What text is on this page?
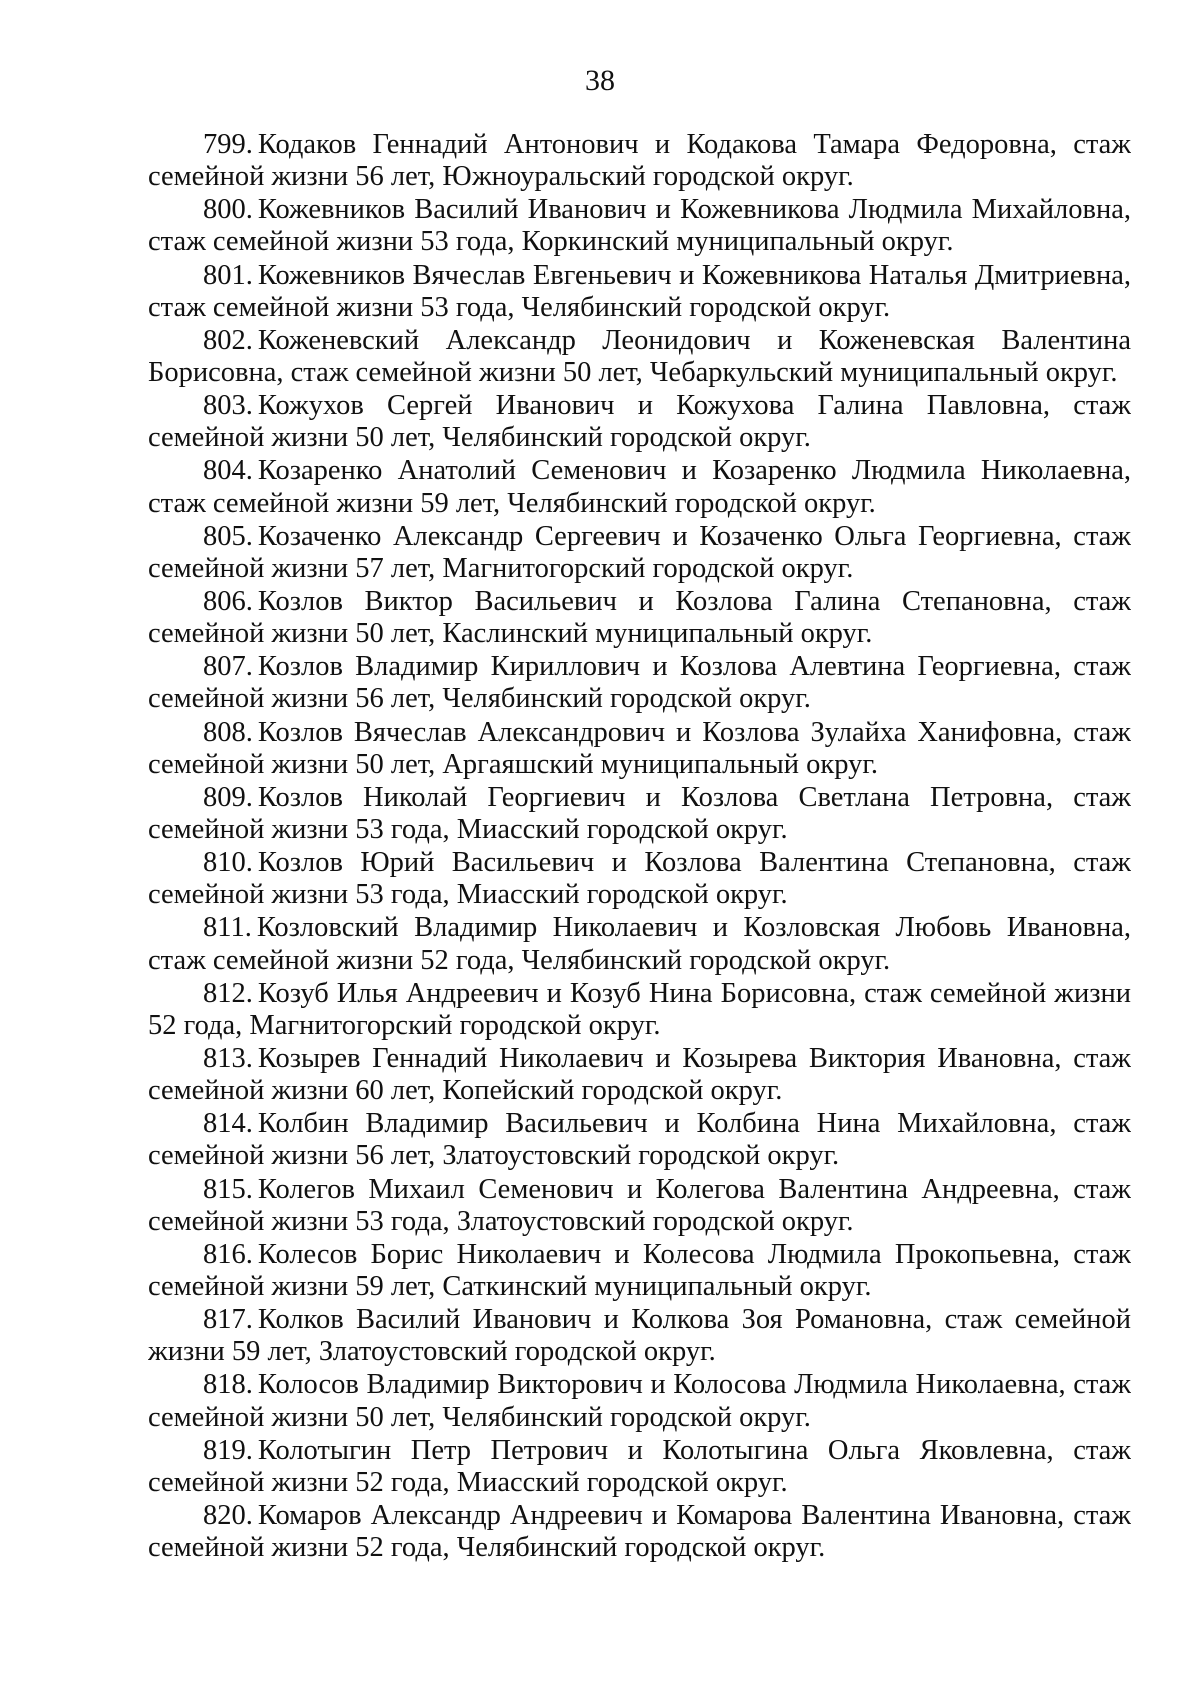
38

799. Кодаков Геннадий Антонович и Кодакова Тамара Федоровна, стаж семейной жизни 56 лет, Южноуральский городской округ.

800. Кожевников Василий Иванович и Кожевникова Людмила Михайловна, стаж семейной жизни 53 года, Коркинский муниципальный округ.

801. Кожевников Вячеслав Евгеньевич и Кожевникова Наталья Дмитриевна, стаж семейной жизни 53 года, Челябинский городской округ.

802. Коженевский Александр Леонидович и Коженевская Валентина Борисовна, стаж семейной жизни 50 лет, Чебаркульский муниципальный округ.

803. Кожухов Сергей Иванович и Кожухова Галина Павловна, стаж семейной жизни 50 лет, Челябинский городской округ.

804. Козаренко Анатолий Семенович и Козаренко Людмила Николаевна, стаж семейной жизни 59 лет, Челябинский городской округ.

805. Козаченко Александр Сергеевич и Козаченко Ольга Георгиевна, стаж семейной жизни 57 лет, Магнитогорский городской округ.

806. Козлов Виктор Васильевич и Козлова Галина Степановна, стаж семейной жизни 50 лет, Каслинский муниципальный округ.

807. Козлов Владимир Кириллович и Козлова Алевтина Георгиевна, стаж семейной жизни 56 лет, Челябинский городской округ.

808. Козлов Вячеслав Александрович и Козлова Зулайха Ханифовна, стаж семейной жизни 50 лет, Аргаяшский муниципальный округ.

809. Козлов Николай Георгиевич и Козлова Светлана Петровна, стаж семейной жизни 53 года, Миасский городской округ.

810. Козлов Юрий Васильевич и Козлова Валентина Степановна, стаж семейной жизни 53 года, Миасский городской округ.

811. Козловский Владимир Николаевич и Козловская Любовь Ивановна, стаж семейной жизни 52 года, Челябинский городской округ.

812. Козуб Илья Андреевич и Козуб Нина Борисовна, стаж семейной жизни 52 года, Магнитогорский городской округ.

813. Козырев Геннадий Николаевич и Козырева Виктория Ивановна, стаж семейной жизни 60 лет, Копейский городской округ.

814. Колбин Владимир Васильевич и Колбина Нина Михайловна, стаж семейной жизни 56 лет, Златоустовский городской округ.

815. Колегов Михаил Семенович и Колегова Валентина Андреевна, стаж семейной жизни 53 года, Златоустовский городской округ.

816. Колесов Борис Николаевич и Колесова Людмила Прокопьевна, стаж семейной жизни 59 лет, Саткинский муниципальный округ.

817. Колков Василий Иванович и Колкова Зоя Романовна, стаж семейной жизни 59 лет, Златоустовский городской округ.

818. Колосов Владимир Викторович и Колосова Людмила Николаевна, стаж семейной жизни 50 лет, Челябинский городской округ.

819. Колотыгин Петр Петрович и Колотыгина Ольга Яковлевна, стаж семейной жизни 52 года, Миасский городской округ.

820. Комаров Александр Андреевич и Комарова Валентина Ивановна, стаж семейной жизни 52 года, Челябинский городской округ.
